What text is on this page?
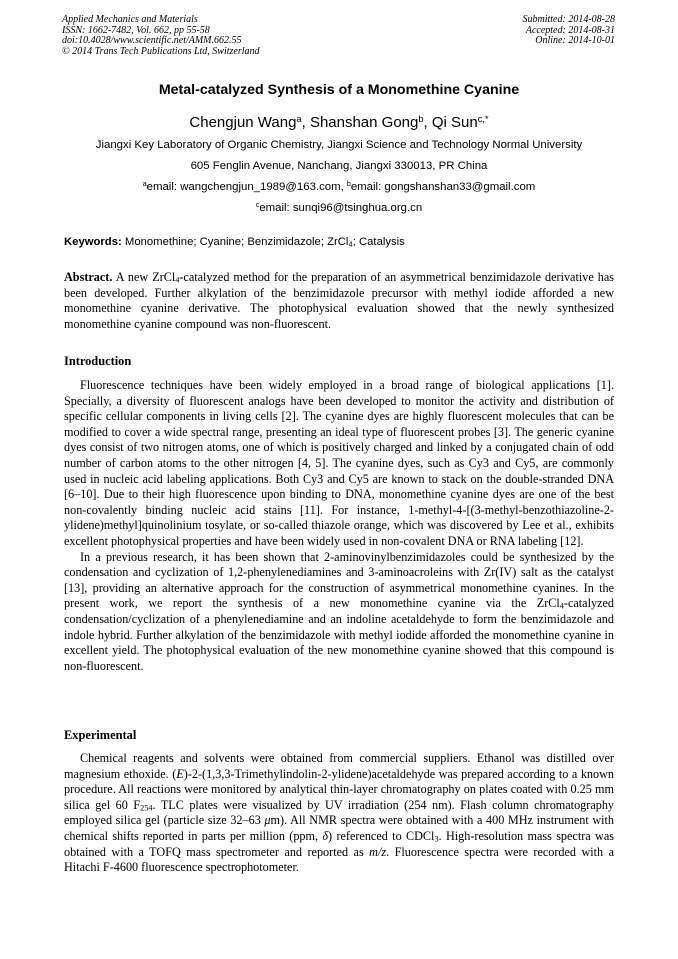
Applied Mechanics and Materials
ISSN: 1662-7482, Vol. 662, pp 55-58
doi:10.4028/www.scientific.net/AMM.662.55
© 2014 Trans Tech Publications Ltd, Switzerland
Submitted: 2014-08-28
Accepted: 2014-08-31
Online: 2014-10-01
Metal-catalyzed Synthesis of a Monomethine Cyanine
Chengjun Wang$^a$, Shanshan Gong$^b$, Qi Sun$^{c,*}$
Jiangxi Key Laboratory of Organic Chemistry, Jiangxi Science and Technology Normal University
605 Fenglin Avenue, Nanchang, Jiangxi 330013, PR China
$^a$email: wangchengjun_1989@163.com, $^b$email: gongshanshan33@gmail.com
$^c$email: sunqi96@tsinghua.org.cn
Keywords: Monomethine; Cyanine; Benzimidazole; ZrCl$_4$; Catalysis

Abstract. A new ZrCl$_4$-catalyzed method for the preparation of an asymmetrical benzimidazole derivative has been developed. Further alkylation of the benzimidazole precursor with methyl iodide afforded a new monomethine cyanine derivative. The photophysical evaluation showed that the newly synthesized monomethine cyanine compound was non-fluorescent.

Introduction

Fluorescence techniques have been widely employed in a broad range of biological applications [1]. Specially, a diversity of fluorescent analogs have been developed to monitor the activity and distribution of specific cellular components in living cells [2]. The cyanine dyes are highly fluorescent molecules that can be modified to cover a wide spectral range, presenting an ideal type of fluorescent probes [3]. The generic cyanine dyes consist of two nitrogen atoms, one of which is positively charged and linked by a conjugated chain of odd number of carbon atoms to the other nitrogen [4, 5]. The cyanine dyes, such as Cy3 and Cy5, are commonly used in nucleic acid labeling applications. Both Cy3 and Cy5 are known to stack on the double-stranded DNA [6–10]. Due to their high fluorescence upon binding to DNA, monomethine cyanine dyes are one of the best non-covalently binding nucleic acid stains [11]. For instance, 1-methyl-4-[(3-methyl-benzothiazoline-2-ylidene)methyl]quinolinium tosylate, or so-called thiazole orange, which was discovered by Lee et al., exhibits excellent photophysical properties and have been widely used in non-covalent DNA or RNA labeling [12].

In a previous research, it has been shown that 2-aminovinylbenzimidazoles could be synthesized by the condensation and cyclization of 1,2-phenylenediamines and 3-aminoacroleins with Zr(IV) salt as the catalyst [13], providing an alternative approach for the construction of asymmetrical monomethine cyanines. In the present work, we report the synthesis of a new monomethine cyanine via the ZrCl$_4$-catalyzed condensation/cyclization of a phenylenediamine and an indoline acetaldehyde to form the benzimidazole and indole hybrid. Further alkylation of the benzimidazole with methyl iodide afforded the monomethine cyanine in excellent yield. The photophysical evaluation of the new monomethine cyanine showed that this compound is non-fluorescent.

Experimental

Chemical reagents and solvents were obtained from commercial suppliers. Ethanol was distilled over magnesium ethoxide. (E)-2-(1,3,3-Trimethylindolin-2-ylidene)acetaldehyde was prepared according to a known procedure. All reactions were monitored by analytical thin-layer chromatography on plates coated with 0.25 mm silica gel 60 $F_{254}$. TLC plates were visualized by UV irradiation (254 nm). Flash column chromatography employed silica gel (particle size 32–63 μm). All NMR spectra were obtained with a 400 MHz instrument with chemical shifts reported in parts per million (ppm, δ) referenced to CDCl$_3$. High-resolution mass spectra was obtained with a TOFQ mass spectrometer and reported as m/z. Fluorescence spectra were recorded with a Hitachi F-4600 fluorescence spectrophotometer.
